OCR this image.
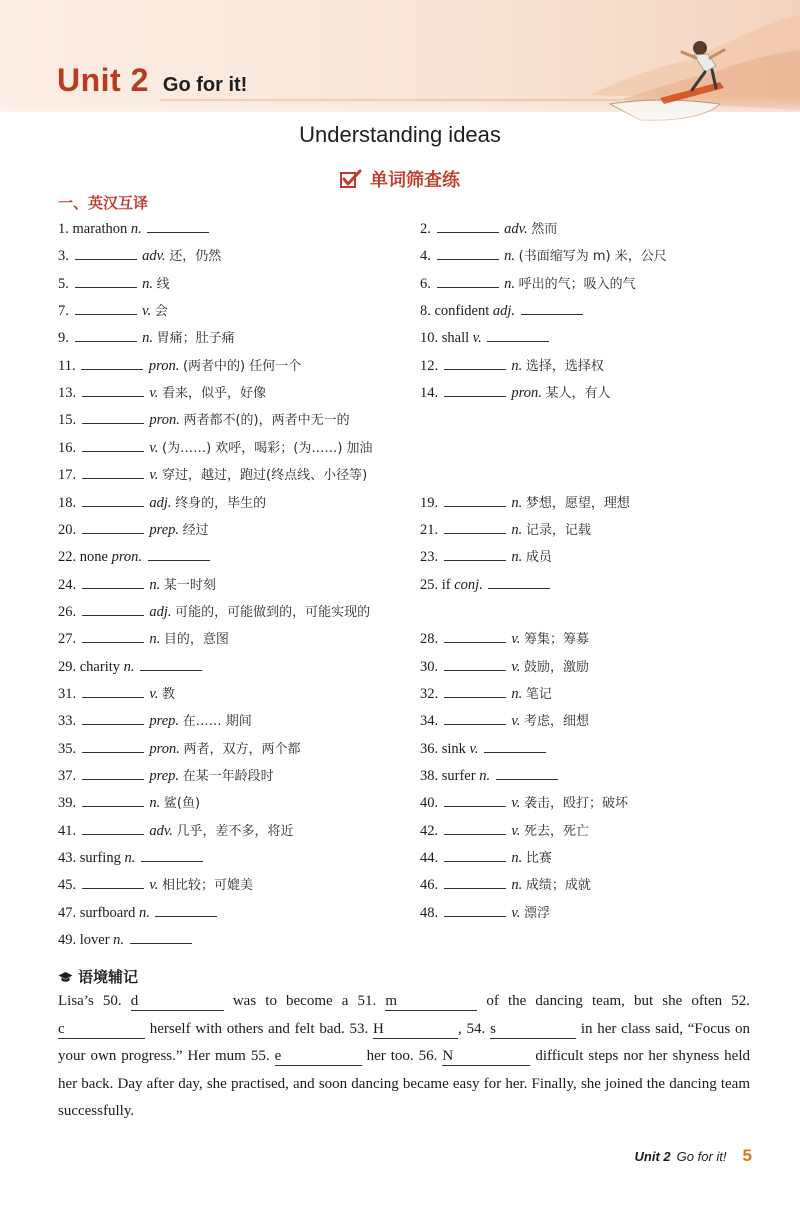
Unit 2 Go for it!
Understanding ideas
单词筛查练
一、英汉互译
1. marathon n.	2.	adv. 然而
3.	adv. 还，仍然	4.	n. (书面缩写为 m) 米，公尺
5.	n. 线	6.	n. 呼出的气；吸入的气
7.	v. 会	8. confident adj.
9.	n. 胃痛；肚子痛	10. shall v.
11.	pron. (两者中的) 任何一个	12.	n. 选择，选择权
13.	v. 看来，似乎，好像	14.	pron. 某人，有人
15.	pron. 两者都不(的)，两者中无一的
16.	v. (为……) 欢呼，喝彩；(为……) 加油
17.	v. 穿过，越过，跑过(终点线、小径等)
18.	adj. 终身的，毕生的	19.	n. 梦想，愿望，理想
20.	prep. 经过	21.	n. 记录，记载
22. none pron.	23.	n. 成员
24.	n. 某一时刻	25. if conj.
26.	adj. 可能的，可能做到的，可能实现的
27.	n. 目的，意图	28.	v. 筹集；筹募
29. charity n.	30.	v. 鼓励，激励
31.	v. 教	32.	n. 笔记
33.	prep. 在…… 期间	34.	v. 考虑，细想
35.	pron. 两者，双方，两个都	36. sink v.
37.	prep. 在某一年龄段时	38. surfer n.
39.	n. 鲨(鱼)	40.	v. 袭击，殴打；破坏
41.	adv. 几乎，差不多，将近	42.	v. 死去，死亡
43. surfing n.	44.	n. 比赛
45.	v. 相比较；可媲美	46.	n. 成绩；成就
47. surfboard n.	48.	v. 漂浮
49. lover n.
语境辅记
Lisa’s 50. d	was to become a 51. m	of the dancing team, but she often 52. c	herself with others and felt bad. 53. H	, 54. s	in her class said, “Focus on your own progress.” Her mum 55. e	her too. 56. N	difficult steps nor her shyness held her back. Day after day, she practised, and soon dancing became easy for her. Finally, she joined the dancing team successfully.
Unit 2 Go for it! 5
